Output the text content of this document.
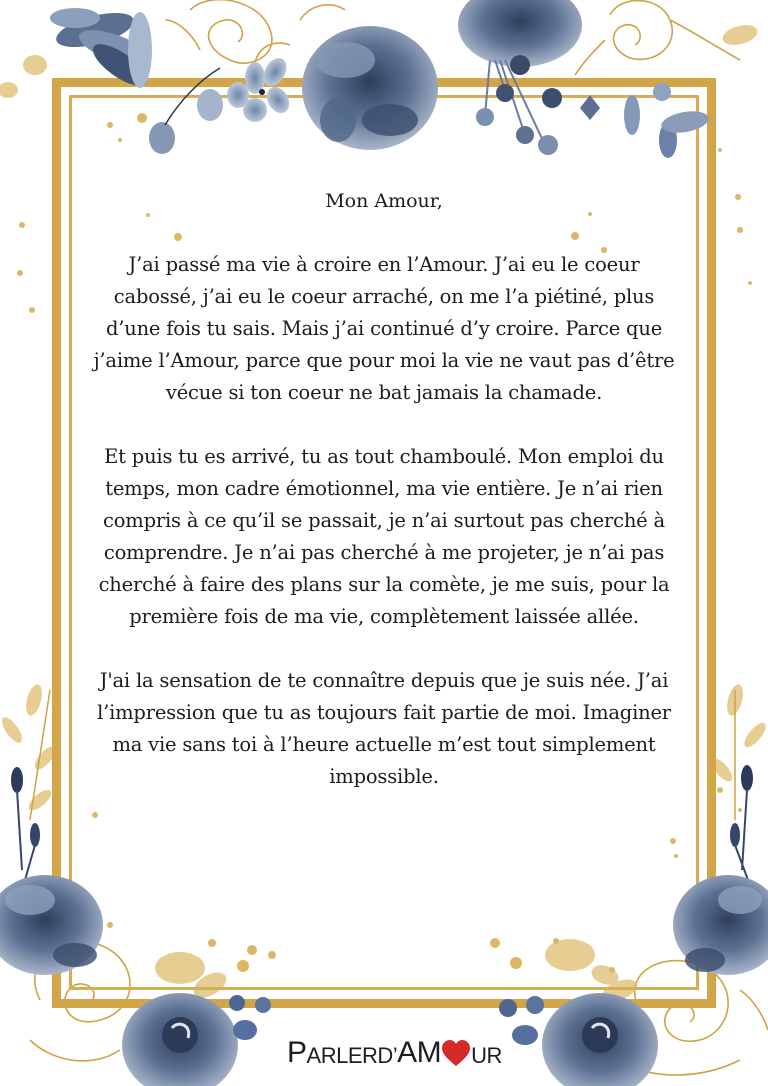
Mon Amour,

J’ai passé ma vie à croire en l’Amour. J’ai eu le coeur cabossé, j’ai eu le coeur arraché, on me l’a piétiné, plus d’une fois tu sais. Mais j’ai continué d’y croire. Parce que j’aime l’Amour, parce que pour moi la vie ne vaut pas d’être vécue si ton coeur ne bat jamais la chamade.

Et puis tu es arrivé, tu as tout chamboulé. Mon emploi du temps, mon cadre émotionnel, ma vie entière. Je n’ai rien compris à ce qu’il se passait, je n’ai surtout pas cherché à comprendre. Je n’ai pas cherché à me projeter, je n’ai pas cherché à faire des plans sur la comète, je me suis, pour la première fois de ma vie, complètement laissée allée.

J'ai la sensation de te connaître depuis que je suis née. J’ai l’impression que tu as toujours fait partie de moi. Imaginer ma vie sans toi à l’heure actuelle m’est tout simplement impossible.

P ARLER D’ A M UR
